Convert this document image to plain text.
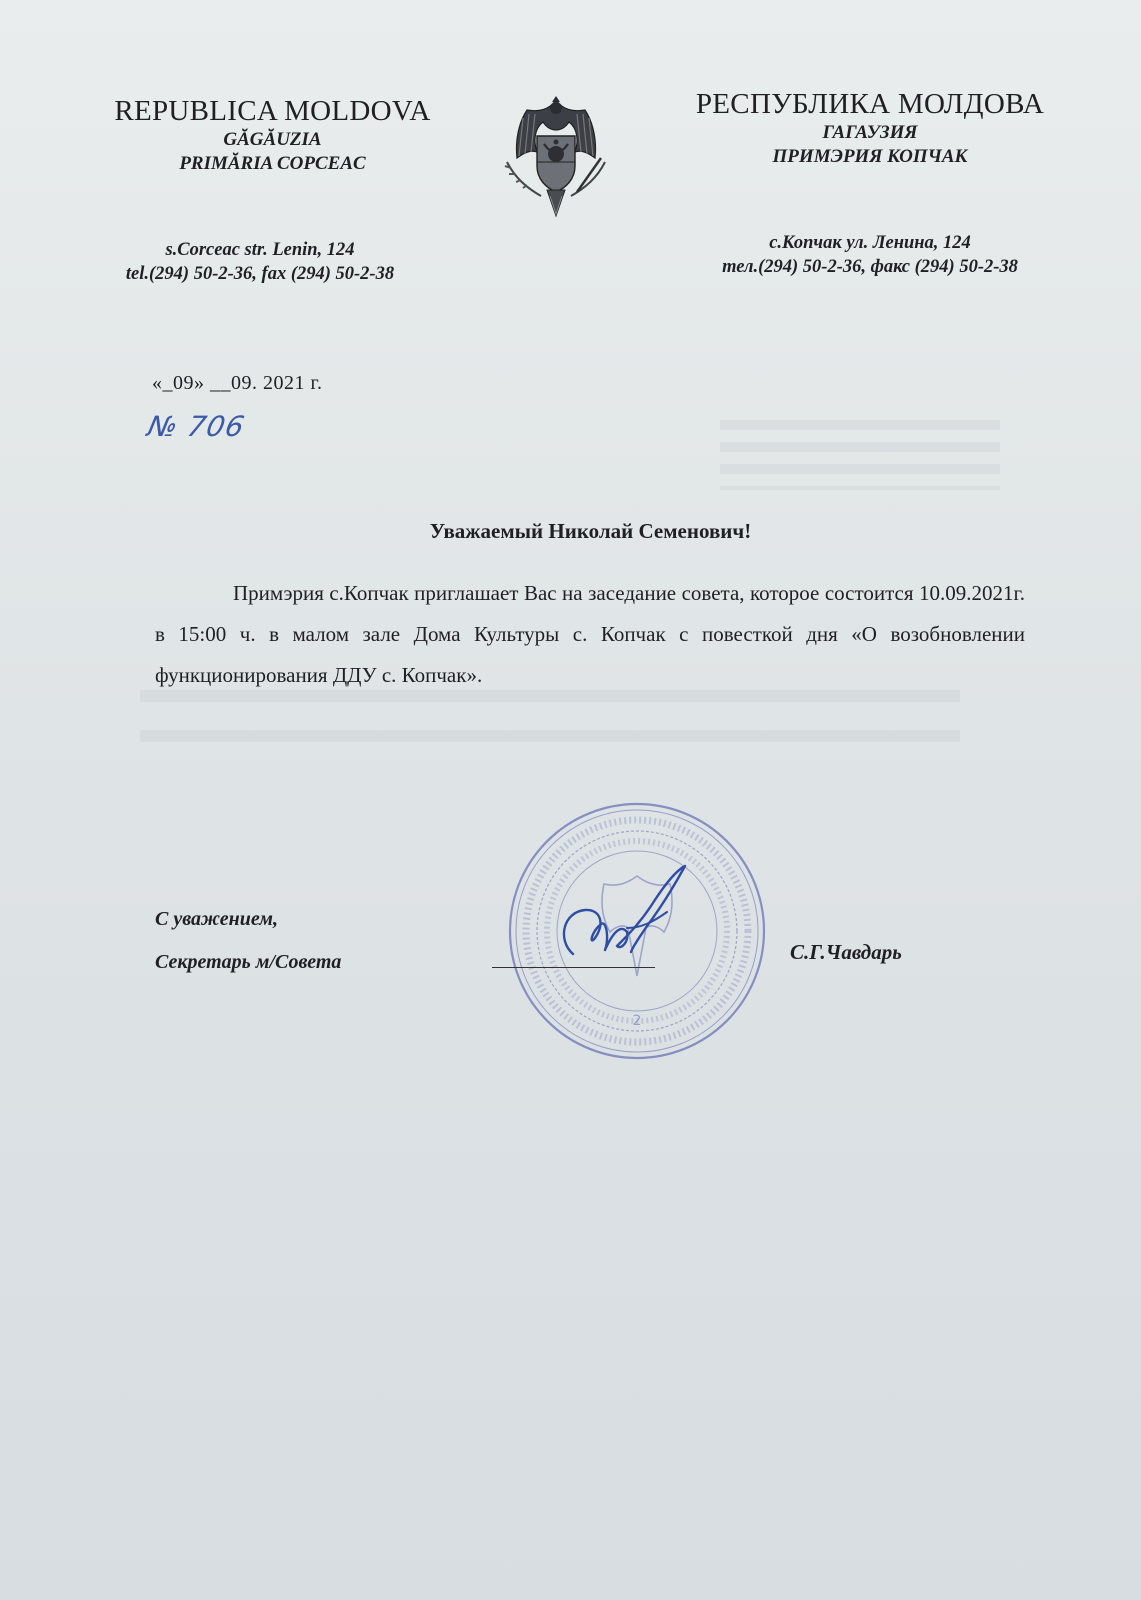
REPUBLICA MOLDOVA
GĂGĂUZIA
PRIMĂRIA COPCEAC
РЕСПУБЛИКА МОЛДОВА
ГАГАУЗИЯ
ПРИМЭРИЯ КОПЧАК
s.Corceac str. Lenin, 124
tel.(294) 50-2-36, fax (294) 50-2-38
с.Копчак ул. Ленина, 124
тел.(294) 50-2-36, факс (294) 50-2-38
«_09» __09. 2021 г.
№ 706
Уважаемый Николай Семенович!
Примэрия с.Копчак приглашает Вас на заседание совета, которое состоится 10.09.2021г. в 15:00 ч. в малом зале Дома Культуры с. Копчак с повесткой дня «О возобновлении функционирования ДДУ с. Копчак».
С уважением,
Секретарь м/Совета
2
С.Г.Чавдарь
